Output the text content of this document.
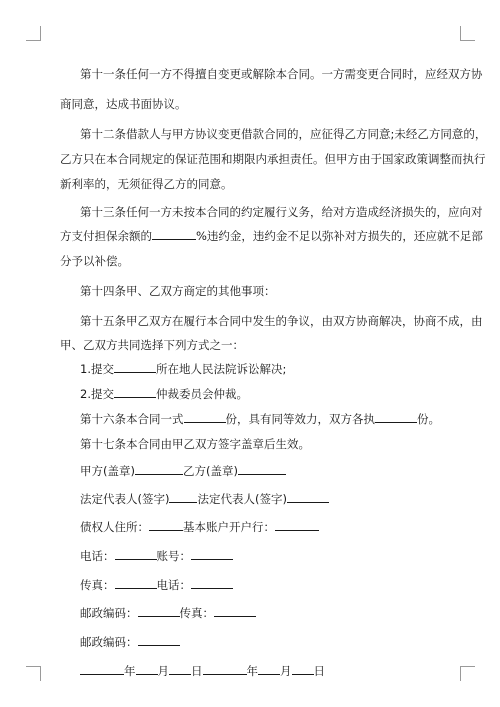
第十一条任何一方不得擅自变更或解除本合同。一方需变更合同时，应经双方协
商同意，达成书面协议。
第十二条借款人与甲方协议变更借款合同的，应征得乙方同意;未经乙方同意的，
乙方只在本合同规定的保证范围和期限内承担责任。但甲方由于国家政策调整而执行
新利率的，无须征得乙方的同意。
第十三条任何一方未按本合同的约定履行义务，给对方造成经济损失的，应向对
方支付担保余额的	%违约金，违约金不足以弥补对方损失的，还应就不足部
分予以补偿。
第十四条甲、乙双方商定的其他事项：
第十五条甲乙双方在履行本合同中发生的争议，由双方协商解决，协商不成，由
甲、乙双方共同选择下列方式之一：
1.提交	所在地人民法院诉讼解决;
2.提交	仲裁委员会仲裁。
第十六条本合同一式	份，具有同等效力，双方各执	份。
第十七条本合同由甲乙双方签字盖章后生效。
甲方(盖章)	乙方(盖章)
法定代表人(签字) 法定代表人(签字)
债权人住所：	基本账户开户行：
电话：	账号：
传真：	电话：
邮政编码：	传真：
邮政编码：
年 月 日	年 月 日
